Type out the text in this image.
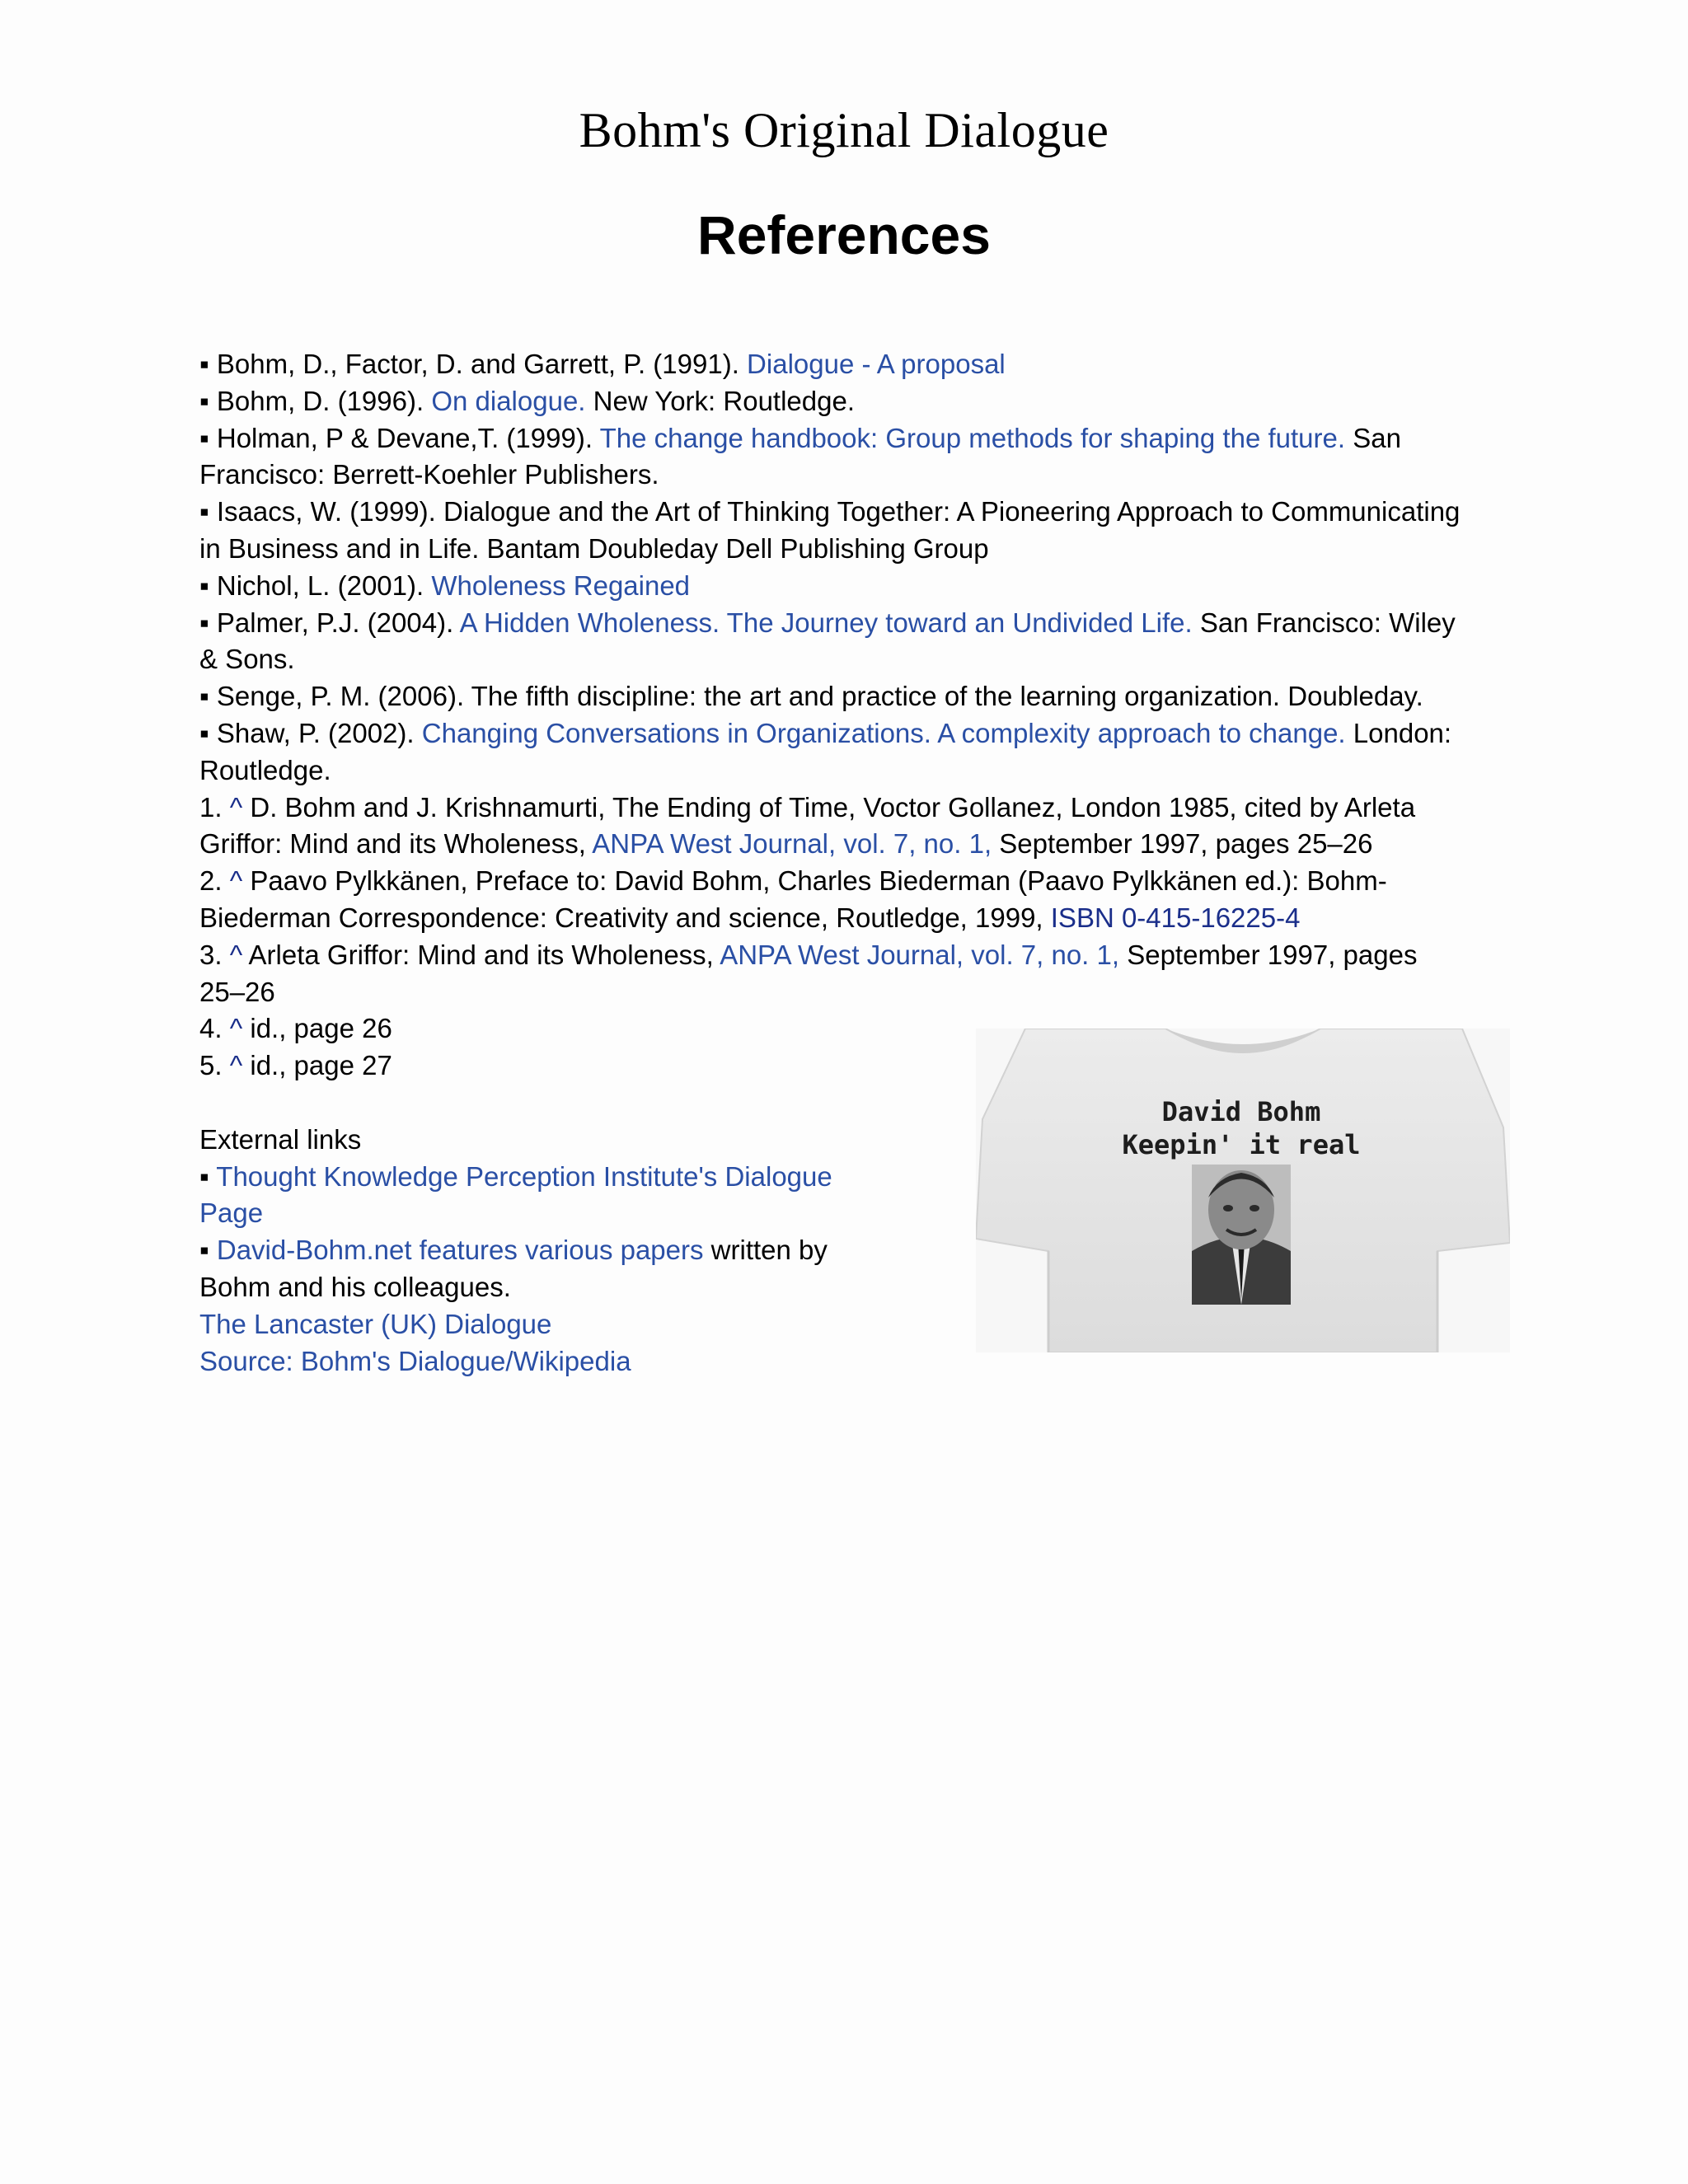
Bohm's Original Dialogue
References
▪ Bohm, D., Factor, D. and Garrett, P. (1991). Dialogue - A proposal
▪ Bohm, D. (1996). On dialogue. New York: Routledge.
▪ Holman, P & Devane,T. (1999). The change handbook: Group methods for shaping the future. San
Francisco: Berrett-Koehler Publishers.
▪ Isaacs, W. (1999). Dialogue and the Art of Thinking Together: A Pioneering Approach to Communicating
in Business and in Life. Bantam Doubleday Dell Publishing Group
▪ Nichol, L. (2001). Wholeness Regained
▪ Palmer, P.J. (2004). A Hidden Wholeness. The Journey toward an Undivided Life. San Francisco: Wiley
& Sons.
▪ Senge, P. M. (2006). The fifth discipline: the art and practice of the learning organization. Doubleday.
▪ Shaw, P. (2002). Changing Conversations in Organizations. A complexity approach to change. London:
Routledge.
1. ^ D. Bohm and J. Krishnamurti, The Ending of Time, Voctor Gollanez, London 1985, cited by Arleta
Griffor: Mind and its Wholeness, ANPA West Journal, vol. 7, no. 1, September 1997, pages 25–26
2. ^ Paavo Pylkkänen, Preface to: David Bohm, Charles Biederman (Paavo Pylkkänen ed.): Bohm-
Biederman Correspondence: Creativity and science, Routledge, 1999, ISBN 0-415-16225-4
3. ^ Arleta Griffor: Mind and its Wholeness, ANPA West Journal, vol. 7, no. 1, September 1997, pages
25–26
4. ^ id., page 26
5. ^ id., page 27
External links
▪ Thought Knowledge Perception Institute's Dialogue
Page
▪ David-Bohm.net features various papers written by
Bohm and his colleagues.
The Lancaster (UK) Dialogue
Source: Bohm's Dialogue/Wikipedia
David Bohm
Keepin' it real
